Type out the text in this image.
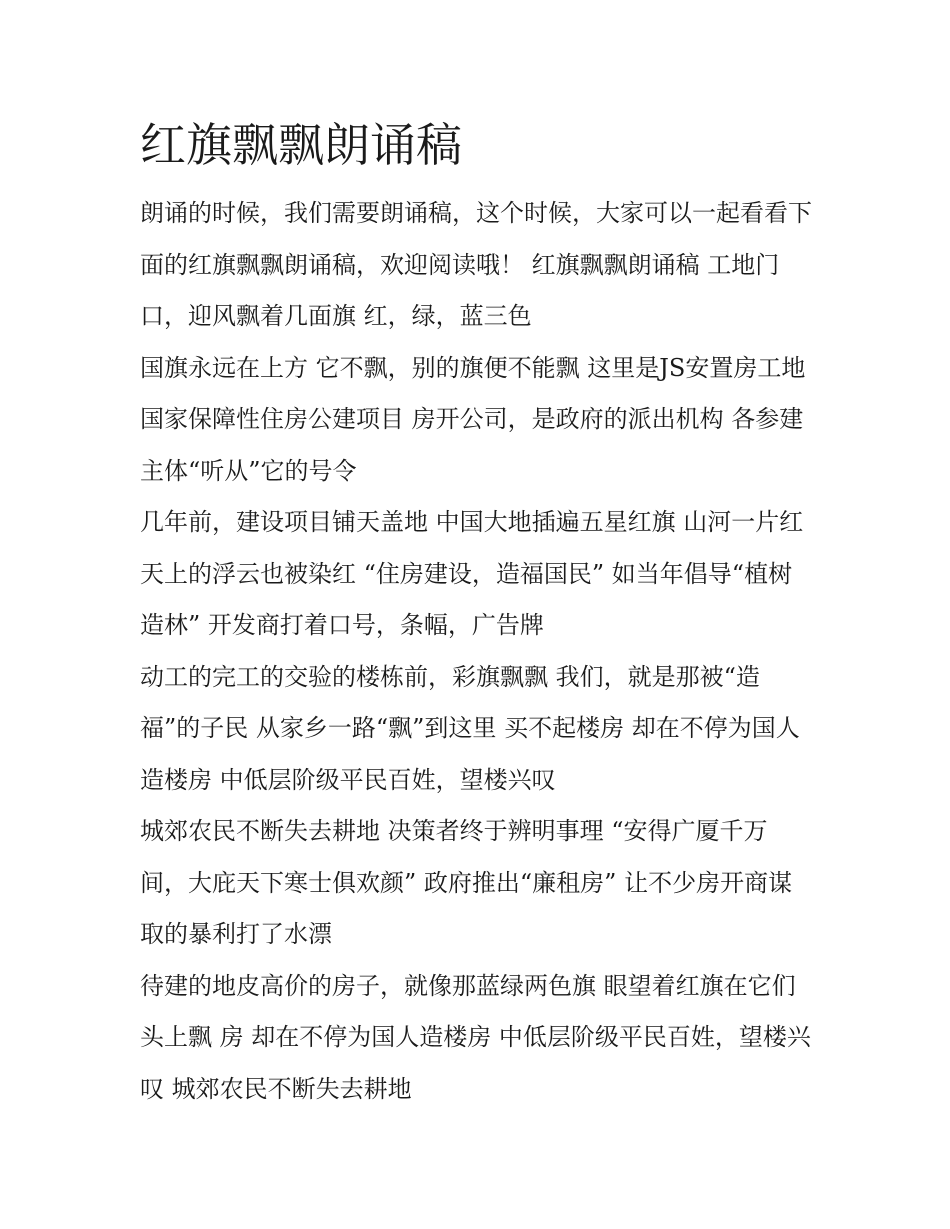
红旗飘飘朗诵稿

朗诵的时候，我们需要朗诵稿，这个时候，大家可以一起看看下面的红旗飘飘朗诵稿，欢迎阅读哦！ 红旗飘飘朗诵稿 工地门口，迎风飘着几面旗 红，绿，蓝三色

国旗永远在上方 它不飘，别的旗便不能飘 这里是JS安置房工地 国家保障性住房公建项目 房开公司，是政府的派出机构 各参建主体“听从”它的号令

几年前，建设项目铺天盖地 中国大地插遍五星红旗 山河一片红 天上的浮云也被染红 “住房建设，造福国民” 如当年倡导“植树造林” 开发商打着口号，条幅，广告牌

动工的完工的交验的楼栋前，彩旗飘飘 我们，就是那被“造福”的子民 从家乡一路“飘”到这里 买不起楼房 却在不停为国人造楼房 中低层阶级平民百姓，望楼兴叹

城郊农民不断失去耕地 决策者终于辨明事理 “安得广厦千万间，大庇天下寒士俱欢颜” 政府推出“廉租房” 让不少房开商谋取的暴利打了水漂

待建的地皮高价的房子，就像那蓝绿两色旗 眼望着红旗在它们头上飘 房 却在不停为国人造楼房 中低层阶级平民百姓，望楼兴叹 城郊农民不断失去耕地
